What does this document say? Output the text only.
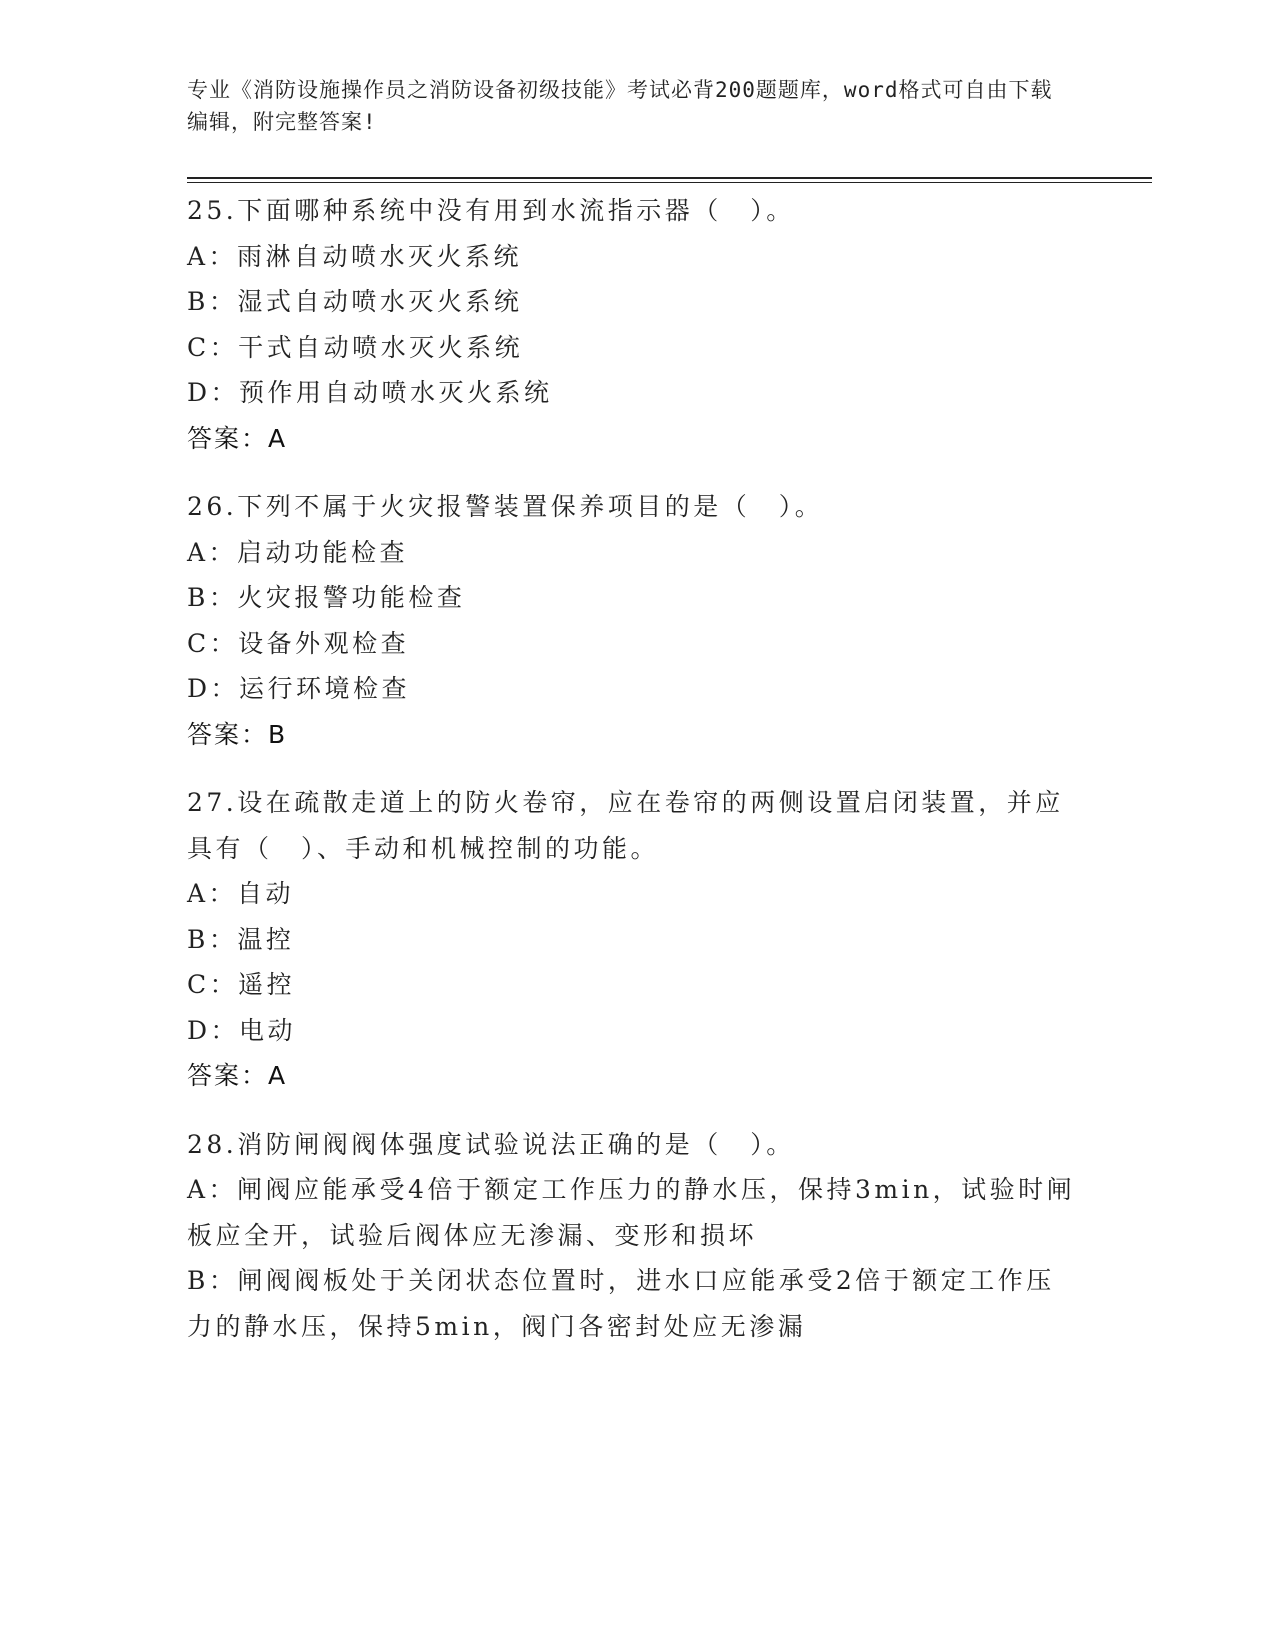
专业《消防设施操作员之消防设备初级技能》考试必背200题题库，word格式可自由下载编辑，附完整答案!
25.下面哪种系统中没有用到水流指示器（　）。
A：雨淋自动喷水灭火系统
B：湿式自动喷水灭火系统
C：干式自动喷水灭火系统
D：预作用自动喷水灭火系统
答案：A
26.下列不属于火灾报警装置保养项目的是（　）。
A：启动功能检查
B：火灾报警功能检查
C：设备外观检查
D：运行环境检查
答案：B
27.设在疏散走道上的防火卷帘，应在卷帘的两侧设置启闭装置，并应具有（　）、手动和机械控制的功能。
A：自动
B：温控
C：遥控
D：电动
答案：A
28.消防闸阀阀体强度试验说法正确的是（　）。
A：闸阀应能承受4倍于额定工作压力的静水压，保持3min，试验时闸板应全开，试验后阀体应无渗漏、变形和损坏
B：闸阀阀板处于关闭状态位置时，进水口应能承受2倍于额定工作压力的静水压，保持5min，阀门各密封处应无渗漏
